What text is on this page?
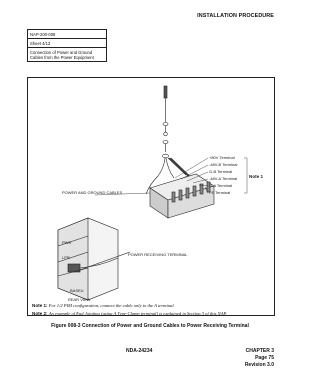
INSTALLATION PROCEDURE
NAP-200-008
Sheet 4/13
Connection of Power and Ground Cables from the Power Equipment
+80V Terminal
-48V-B Terminal
G-B Terminal
-48V-A Terminal
G-A Terminal
FE Terminal
Note 1
POWER AND GROUND CABLES
PWR
LPR
BASEU
REAR VIEW
POWER RECEIVING TERMINAL
Note 1: For 1/2 PIM configuration, connect the cable only to the A terminal.
Note 2: An example of End Jointing (using A Type-Clamp terminal) is explained in Section 3 of this NAP.
Figure 008-3 Connection of Power and Ground Cables to Power Receiving Terminal
NDA-24234	CHAPTER 3
Page 75
Revision 3.0
